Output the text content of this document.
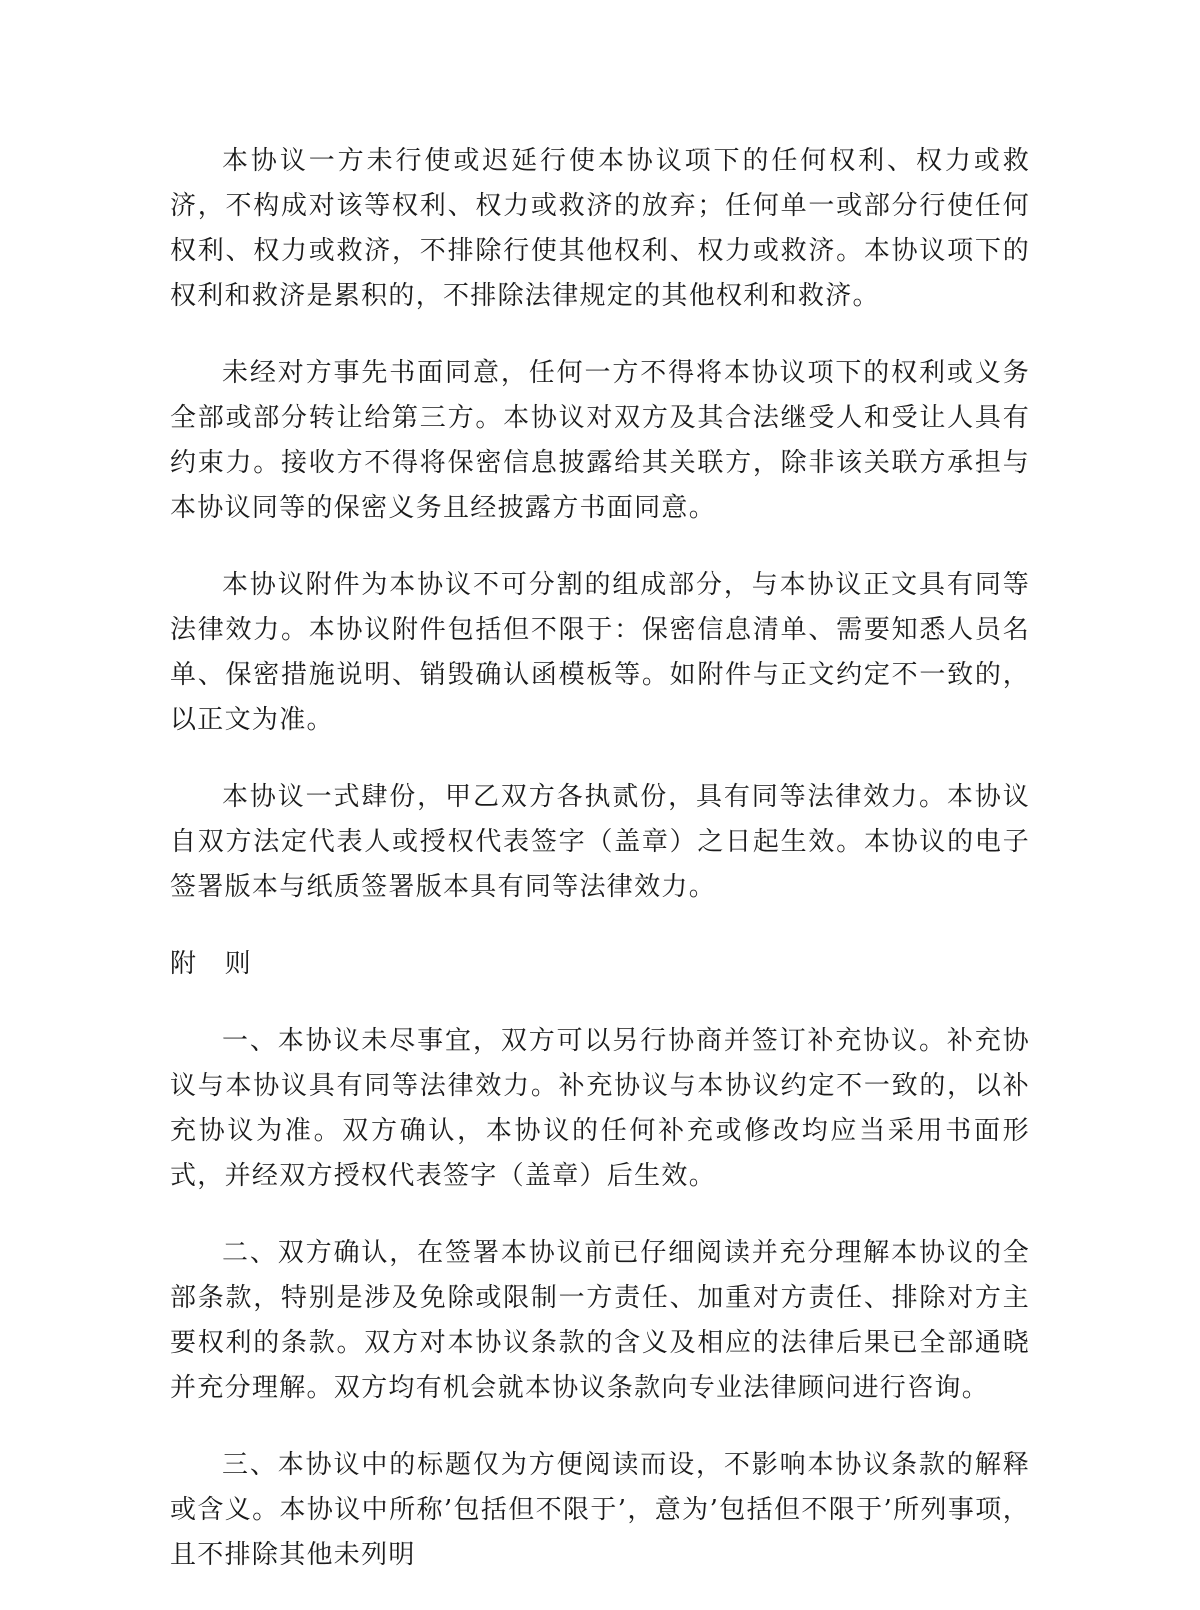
本协议一方未行使或迟延行使本协议项下的任何权利、权力或救济，不构成对该等权利、权力或救济的放弃；任何单一或部分行使任何权利、权力或救济，不排除行使其他权利、权力或救济。本协议项下的权利和救济是累积的，不排除法律规定的其他权利和救济。

未经对方事先书面同意，任何一方不得将本协议项下的权利或义务全部或部分转让给第三方。本协议对双方及其合法继受人和受让人具有约束力。接收方不得将保密信息披露给其关联方，除非该关联方承担与本协议同等的保密义务且经披露方书面同意。

本协议附件为本协议不可分割的组成部分，与本协议正文具有同等法律效力。本协议附件包括但不限于：保密信息清单、需要知悉人员名单、保密措施说明、销毁确认函模板等。如附件与正文约定不一致的，以正文为准。

本协议一式肆份，甲乙双方各执贰份，具有同等法律效力。本协议自双方法定代表人或授权代表签字（盖章）之日起生效。本协议的电子签署版本与纸质签署版本具有同等法律效力。

附　则

一、本协议未尽事宜，双方可以另行协商并签订补充协议。补充协议与本协议具有同等法律效力。补充协议与本协议约定不一致的，以补充协议为准。双方确认，本协议的任何补充或修改均应当采用书面形式，并经双方授权代表签字（盖章）后生效。

二、双方确认，在签署本协议前已仔细阅读并充分理解本协议的全部条款，特别是涉及免除或限制一方责任、加重对方责任、排除对方主要权利的条款。双方对本协议条款的含义及相应的法律后果已全部通晓并充分理解。双方均有机会就本协议条款向专业法律顾问进行咨询。

三、本协议中的标题仅为方便阅读而设，不影响本协议条款的解释或含义。本协议中所称’包括但不限于’，意为’包括但不限于’所列事项，且不排除其他未列明
